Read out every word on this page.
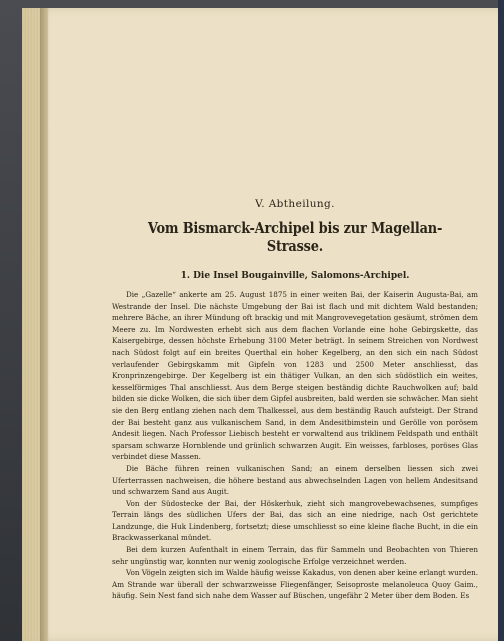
V. Abtheilung.
Vom Bismarck-Archipel bis zur Magellan-Strasse.
1. Die Insel Bougainville, Salomons-Archipel.

Die „Gazelle“ ankerte am 25. August 1875 in einer weiten Bai, der Kaiserin Augusta-Bai, am Westrande der Insel. Die nächste Umgebung der Bai ist flach und mit dichtem Wald bestanden; mehrere Bäche, an ihrer Mündung oft brackig und mit Mangrovevegetation gesäumt, strömen dem Meere zu. Im Nordwesten erhebt sich aus dem flachen Vorlande eine hohe Gebirgskette, das Kaisergebirge, dessen höchste Erhebung 3100 Meter beträgt. In seinem Streichen von Nordwest nach Südost folgt auf ein breites Querthal ein hoher Kegelberg, an den sich ein nach Südost verlaufender Gebirgskamm mit Gipfeln von 1283 und 2500 Meter anschliesst, das Kronprinzengebirge. Der Kegelberg ist ein thätiger Vulkan, an den sich südöstlich ein weites, kesselförmiges Thal anschliesst. Aus dem Berge steigen beständig dichte Rauchwolken auf; bald bilden sie dicke Wolken, die sich über dem Gipfel ausbreiten, bald werden sie schwächer. Man sieht sie den Berg entlang ziehen nach dem Thalkessel, aus dem beständig Rauch aufsteigt. Der Strand der Bai besteht ganz aus vulkanischem Sand, in dem Andesitbimstein und Gerölle von porösem Andesit liegen. Nach Professor Liebisch besteht er vorwaltend aus triklinem Feldspath und enthält sparsam schwarze Hornblende und grünlich schwarzen Augit. Ein weisses, farbloses, poröses Glas verbindet diese Massen.

Die Bäche führen reinen vulkanischen Sand; an einem derselben liessen sich zwei Uferterrassen nachweisen, die höhere bestand aus abwechselnden Lagen von hellem Andesitsand und schwarzem Sand aus Augit.

Von der Südostecke der Bai, der Höskerhuk, zieht sich mangrovebewachsenes, sumpfiges Terrain längs des südlichen Ufers der Bai, das sich an eine niedrige, nach Ost gerichtete Landzunge, die Huk Lindenberg, fortsetzt; diese umschliesst so eine kleine flache Bucht, in die ein Brackwasserkanal mündet.

Bei dem kurzen Aufenthalt in einem Terrain, das für Sammeln und Beobachten von Thieren sehr ungünstig war, konnten nur wenig zoologische Erfolge verzeichnet werden.

Von Vögeln zeigten sich im Walde häufig weisse Kakadus, von denen aber keine erlangt wurden. Am Strande war überall der schwarzweisse Fliegenfänger, Seisoproste melanoleuca Quoy Gaim., häufig. Sein Nest fand sich nahe dem Wasser auf Büschen, ungefähr 2 Meter über dem Boden. Es
